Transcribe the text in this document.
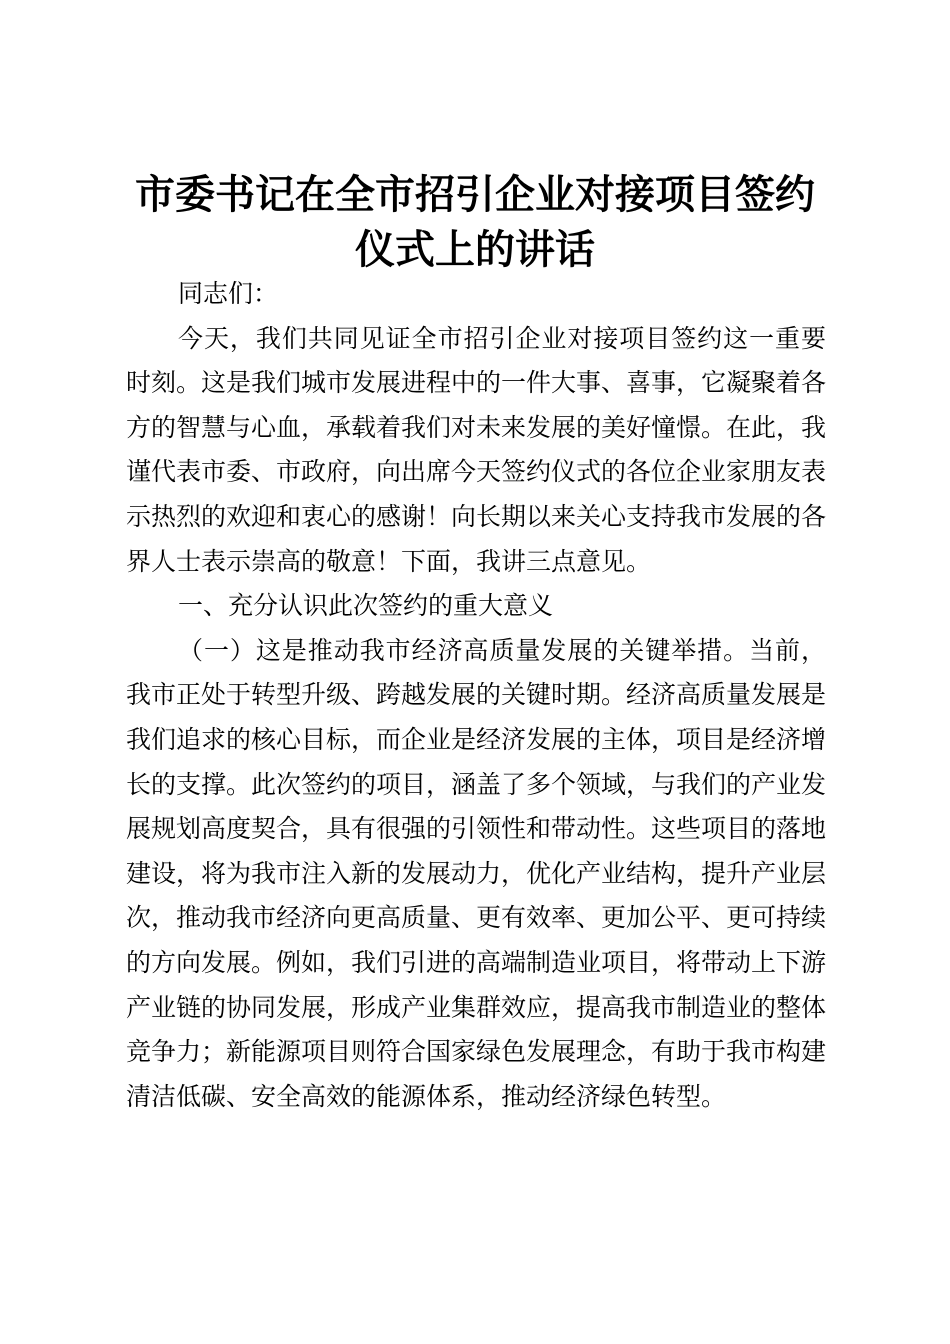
市委书记在全市招引企业对接项目签约仪式上的讲话

同志们：

今天，我们共同见证全市招引企业对接项目签约这一重要时刻。这是我们城市发展进程中的一件大事、喜事，它凝聚着各方的智慧与心血，承载着我们对未来发展的美好憧憬。在此，我谨代表市委、市政府，向出席今天签约仪式的各位企业家朋友表示热烈的欢迎和衷心的感谢！向长期以来关心支持我市发展的各界人士表示崇高的敬意！下面，我讲三点意见。

一、充分认识此次签约的重大意义

（一）这是推动我市经济高质量发展的关键举措。当前，我市正处于转型升级、跨越发展的关键时期。经济高质量发展是我们追求的核心目标，而企业是经济发展的主体，项目是经济增长的支撑。此次签约的项目，涵盖了多个领域，与我们的产业发展规划高度契合，具有很强的引领性和带动性。这些项目的落地建设，将为我市注入新的发展动力，优化产业结构，提升产业层次，推动我市经济向更高质量、更有效率、更加公平、更可持续的方向发展。例如，我们引进的高端制造业项目，将带动上下游产业链的协同发展，形成产业集群效应，提高我市制造业的整体竞争力；新能源项目则符合国家绿色发展理念，有助于我市构建清洁低碳、安全高效的能源体系，推动经济绿色转型。
